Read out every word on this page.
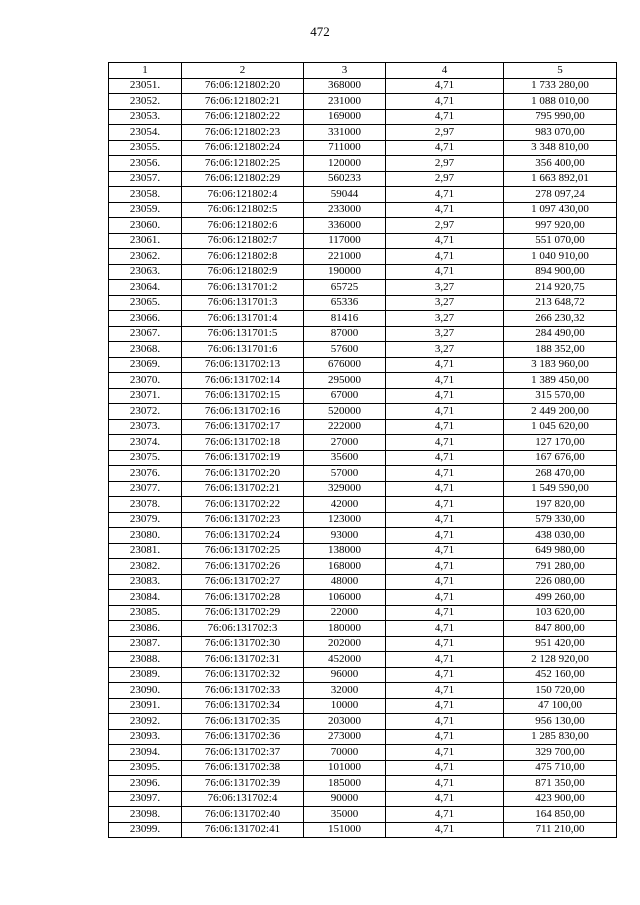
472
1	2	3	4	5
23051.	76:06:121802:20	368000	4,71	1 733 280,00
23052.	76:06:121802:21	231000	4,71	1 088 010,00
23053.	76:06:121802:22	169000	4,71	795 990,00
23054.	76:06:121802:23	331000	2,97	983 070,00
23055.	76:06:121802:24	711000	4,71	3 348 810,00
23056.	76:06:121802:25	120000	2,97	356 400,00
23057.	76:06:121802:29	560233	2,97	1 663 892,01
23058.	76:06:121802:4	59044	4,71	278 097,24
23059.	76:06:121802:5	233000	4,71	1 097 430,00
23060.	76:06:121802:6	336000	2,97	997 920,00
23061.	76:06:121802:7	117000	4,71	551 070,00
23062.	76:06:121802:8	221000	4,71	1 040 910,00
23063.	76:06:121802:9	190000	4,71	894 900,00
23064.	76:06:131701:2	65725	3,27	214 920,75
23065.	76:06:131701:3	65336	3,27	213 648,72
23066.	76:06:131701:4	81416	3,27	266 230,32
23067.	76:06:131701:5	87000	3,27	284 490,00
23068.	76:06:131701:6	57600	3,27	188 352,00
23069.	76:06:131702:13	676000	4,71	3 183 960,00
23070.	76:06:131702:14	295000	4,71	1 389 450,00
23071.	76:06:131702:15	67000	4,71	315 570,00
23072.	76:06:131702:16	520000	4,71	2 449 200,00
23073.	76:06:131702:17	222000	4,71	1 045 620,00
23074.	76:06:131702:18	27000	4,71	127 170,00
23075.	76:06:131702:19	35600	4,71	167 676,00
23076.	76:06:131702:20	57000	4,71	268 470,00
23077.	76:06:131702:21	329000	4,71	1 549 590,00
23078.	76:06:131702:22	42000	4,71	197 820,00
23079.	76:06:131702:23	123000	4,71	579 330,00
23080.	76:06:131702:24	93000	4,71	438 030,00
23081.	76:06:131702:25	138000	4,71	649 980,00
23082.	76:06:131702:26	168000	4,71	791 280,00
23083.	76:06:131702:27	48000	4,71	226 080,00
23084.	76:06:131702:28	106000	4,71	499 260,00
23085.	76:06:131702:29	22000	4,71	103 620,00
23086.	76:06:131702:3	180000	4,71	847 800,00
23087.	76:06:131702:30	202000	4,71	951 420,00
23088.	76:06:131702:31	452000	4,71	2 128 920,00
23089.	76:06:131702:32	96000	4,71	452 160,00
23090.	76:06:131702:33	32000	4,71	150 720,00
23091.	76:06:131702:34	10000	4,71	47 100,00
23092.	76:06:131702:35	203000	4,71	956 130,00
23093.	76:06:131702:36	273000	4,71	1 285 830,00
23094.	76:06:131702:37	70000	4,71	329 700,00
23095.	76:06:131702:38	101000	4,71	475 710,00
23096.	76:06:131702:39	185000	4,71	871 350,00
23097.	76:06:131702:4	90000	4,71	423 900,00
23098.	76:06:131702:40	35000	4,71	164 850,00
23099.	76:06:131702:41	151000	4,71	711 210,00
